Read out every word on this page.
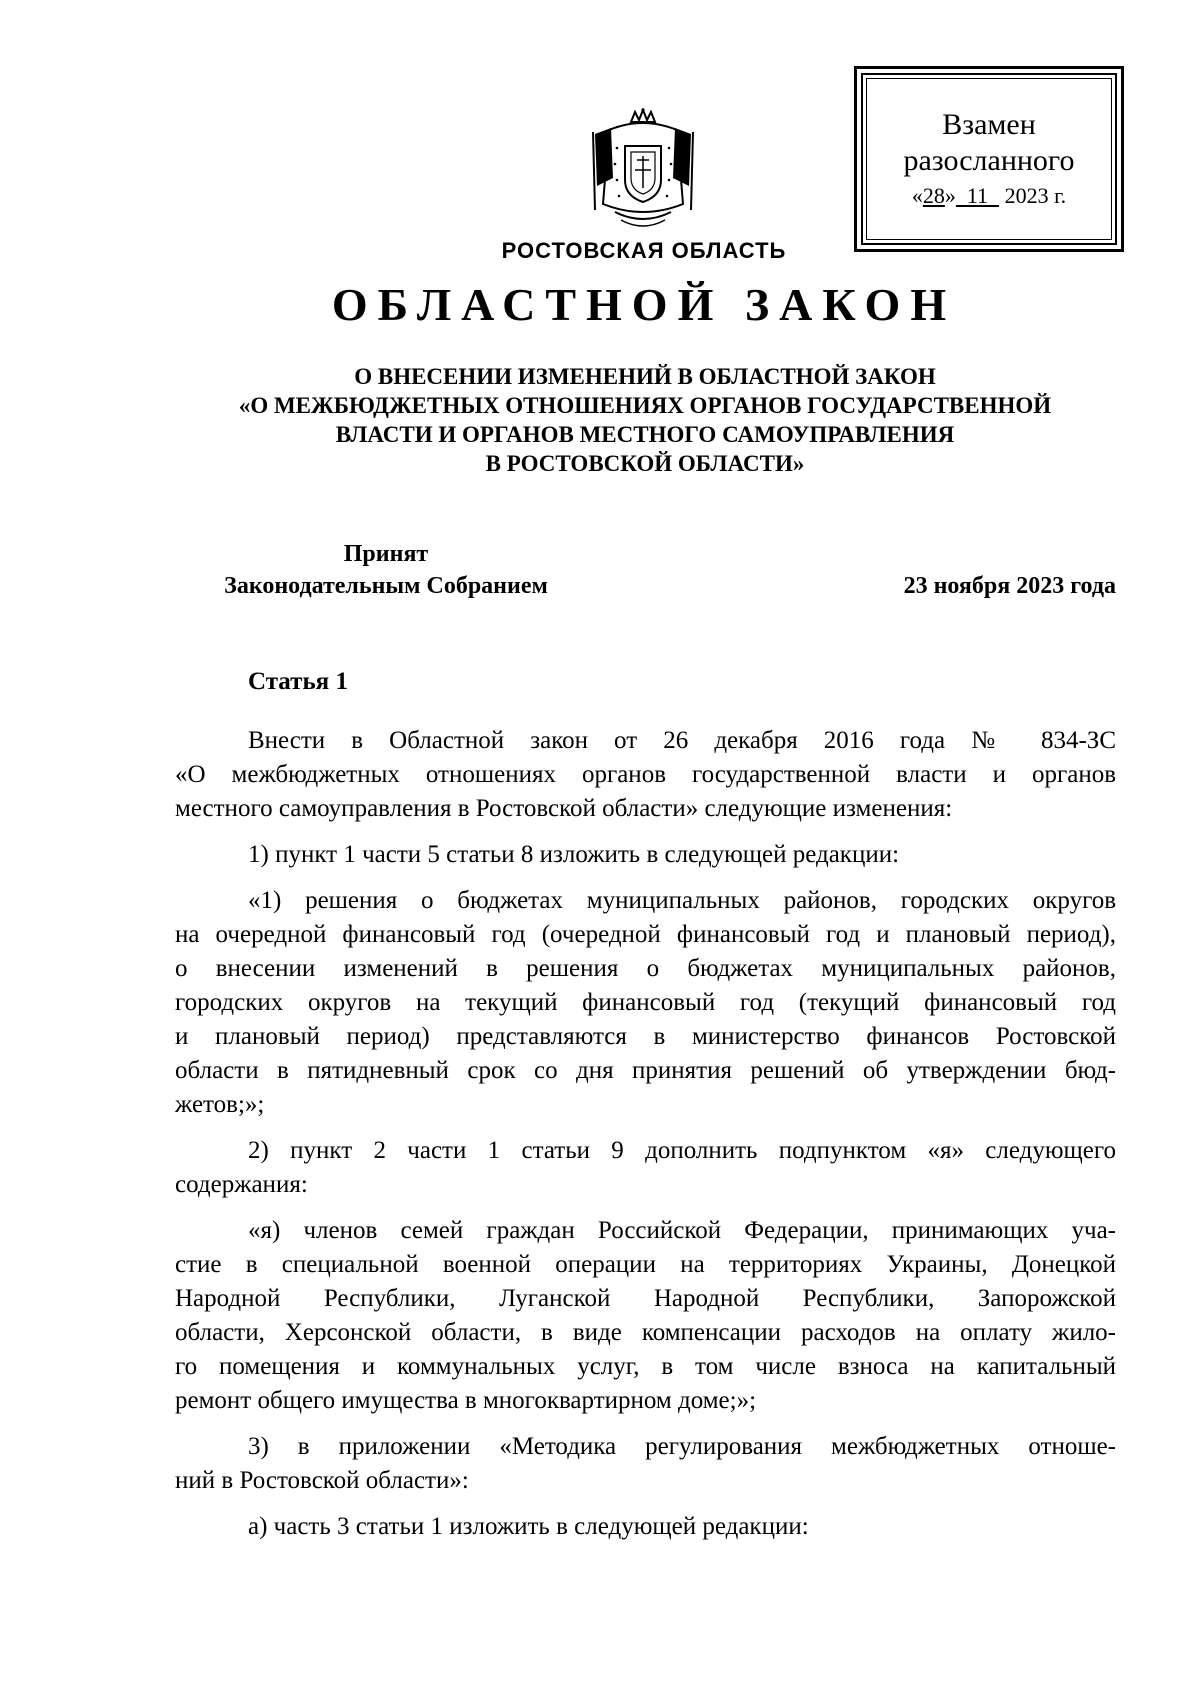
Взамен
разосланного
«28» 11 2023 г.
РОСТОВСКАЯ ОБЛАСТЬ
ОБЛАСТНОЙ ЗАКОН
О ВНЕСЕНИИ ИЗМЕНЕНИЙ В ОБЛАСТНОЙ ЗАКОН
«О МЕЖБЮДЖЕТНЫХ ОТНОШЕНИЯХ ОРГАНОВ ГОСУДАРСТВЕННОЙ
ВЛАСТИ И ОРГАНОВ МЕСТНОГО САМОУПРАВЛЕНИЯ
В РОСТОВСКОЙ ОБЛАСТИ»
Принят
Законодательным Собранием	23 ноября 2023 года
Статья 1
Внести в Областной закон от 26 декабря 2016 года № 834-ЗС
«О межбюджетных отношениях органов государственной власти и органов
местного самоуправления в Ростовской области» следующие изменения:
1) пункт 1 части 5 статьи 8 изложить в следующей редакции:
«1) решения о бюджетах муниципальных районов, городских округов
на очередной финансовый год (очередной финансовый год и плановый период),
о внесении изменений в решения о бюджетах муниципальных районов,
городских округов на текущий финансовый год (текущий финансовый год
и плановый период) представляются в министерство финансов Ростовской
области в пятидневный срок со дня принятия решений об утверждении бюд-
жетов;»;
2) пункт 2 части 1 статьи 9 дополнить подпунктом «я» следующего
содержания:
«я) членов семей граждан Российской Федерации, принимающих уча-
стие в специальной военной операции на территориях Украины, Донецкой
Народной Республики, Луганской Народной Республики, Запорожской
области, Херсонской области, в виде компенсации расходов на оплату жило-
го помещения и коммунальных услуг, в том числе взноса на капитальный
ремонт общего имущества в многоквартирном доме;»;
3) в приложении «Методика регулирования межбюджетных отноше-
ний в Ростовской области»:
а) часть 3 статьи 1 изложить в следующей редакции:
